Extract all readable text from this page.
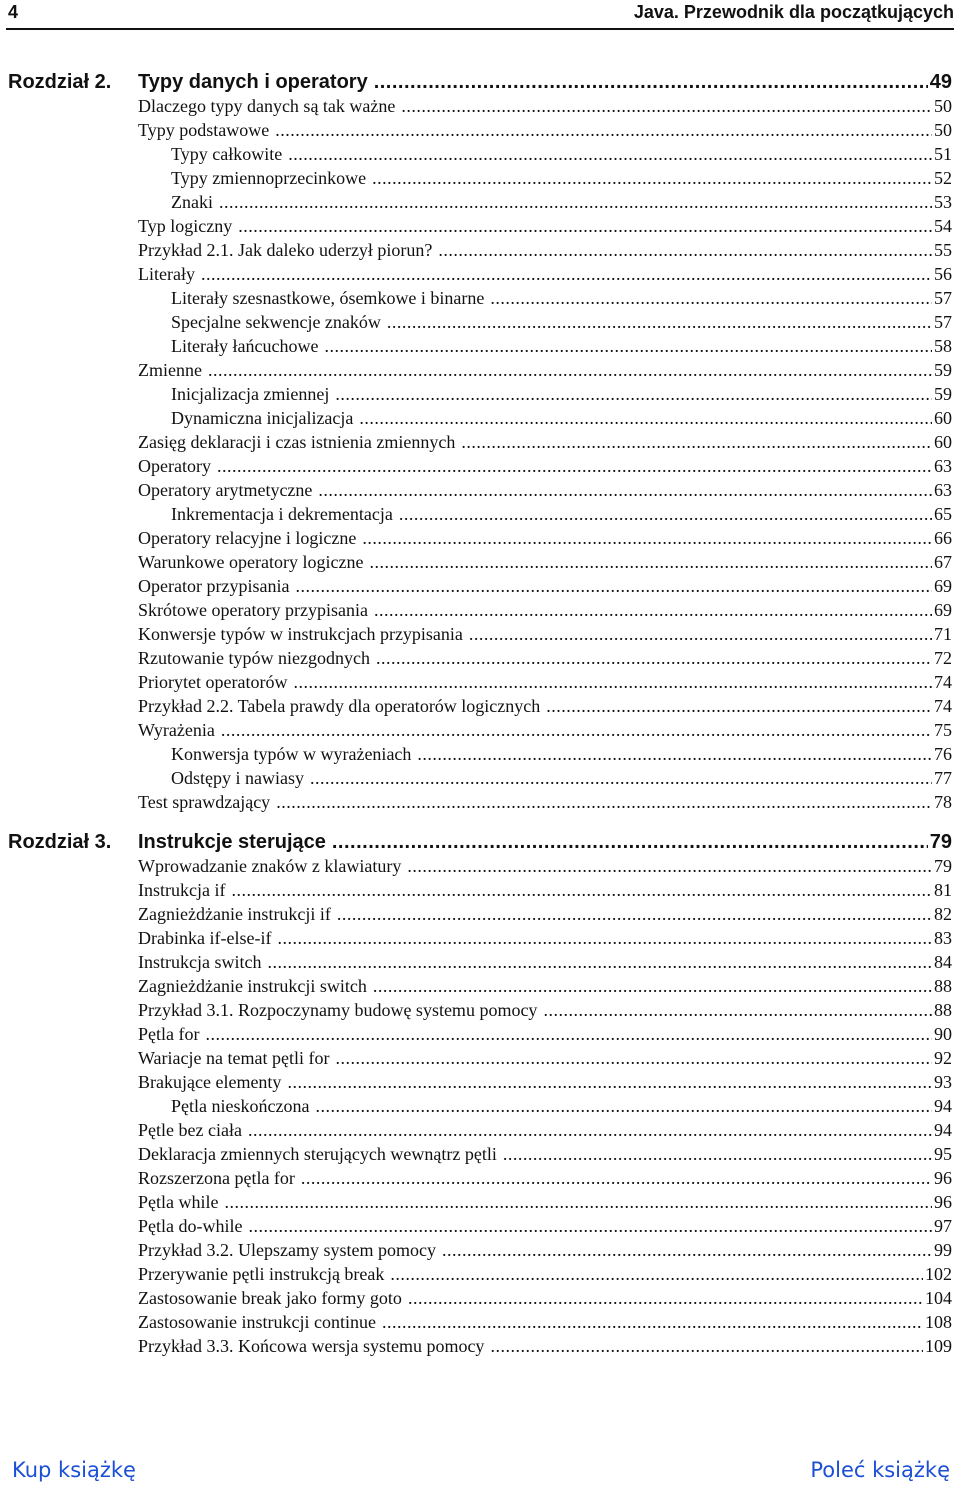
4	Java. Przewodnik dla początkujących
Rozdział 2. Typy danych i operatory .....	49
Dlaczego typy danych są tak ważne .....	50
Typy podstawowe .....	50
Typy całkowite .....	51
Typy zmiennoprzecinkowe .....	52
Znaki .....	53
Typ logiczny .....	54
Przykład 2.1. Jak daleko uderzył piorun? .....	55
Literały .....	56
Literały szesnastkowe, ósemkowe i binarne .....	57
Specjalne sekwencje znaków .....	57
Literały łańcuchowe .....	58
Zmienne .....	59
Inicjalizacja zmiennej .....	59
Dynamiczna inicjalizacja .....	60
Zasięg deklaracji i czas istnienia zmiennych .....	60
Operatory .....	63
Operatory arytmetyczne .....	63
Inkrementacja i dekrementacja .....	65
Operatory relacyjne i logiczne .....	66
Warunkowe operatory logiczne .....	67
Operator przypisania .....	69
Skrótowe operatory przypisania .....	69
Konwersje typów w instrukcjach przypisania .....	71
Rzutowanie typów niezgodnych .....	72
Priorytet operatorów .....	74
Przykład 2.2. Tabela prawdy dla operatorów logicznych .....	74
Wyrażenia .....	75
Konwersja typów w wyrażeniach .....	76
Odstępy i nawiasy .....	77
Test sprawdzający .....	78
Rozdział 3. Instrukcje sterujące .....	79
Wprowadzanie znaków z klawiatury .....	79
Instrukcja if .....	81
Zagnieżdżanie instrukcji if .....	82
Drabinka if-else-if .....	83
Instrukcja switch .....	84
Zagnieżdżanie instrukcji switch .....	88
Przykład 3.1. Rozpoczynamy budowę systemu pomocy .....	88
Pętla for .....	90
Wariacje na temat pętli for .....	92
Brakujące elementy .....	93
Pętla nieskończona .....	94
Pętle bez ciała .....	94
Deklaracja zmiennych sterujących wewnątrz pętli .....	95
Rozszerzona pętla for .....	96
Pętla while .....	96
Pętla do-while .....	97
Przykład 3.2. Ulepszamy system pomocy .....	99
Przerywanie pętli instrukcją break .....	102
Zastosowanie break jako formy goto .....	104
Zastosowanie instrukcji continue .....	108
Przykład 3.3. Końcowa wersja systemu pomocy .....	109
Kup książkę	Poleć książkę
